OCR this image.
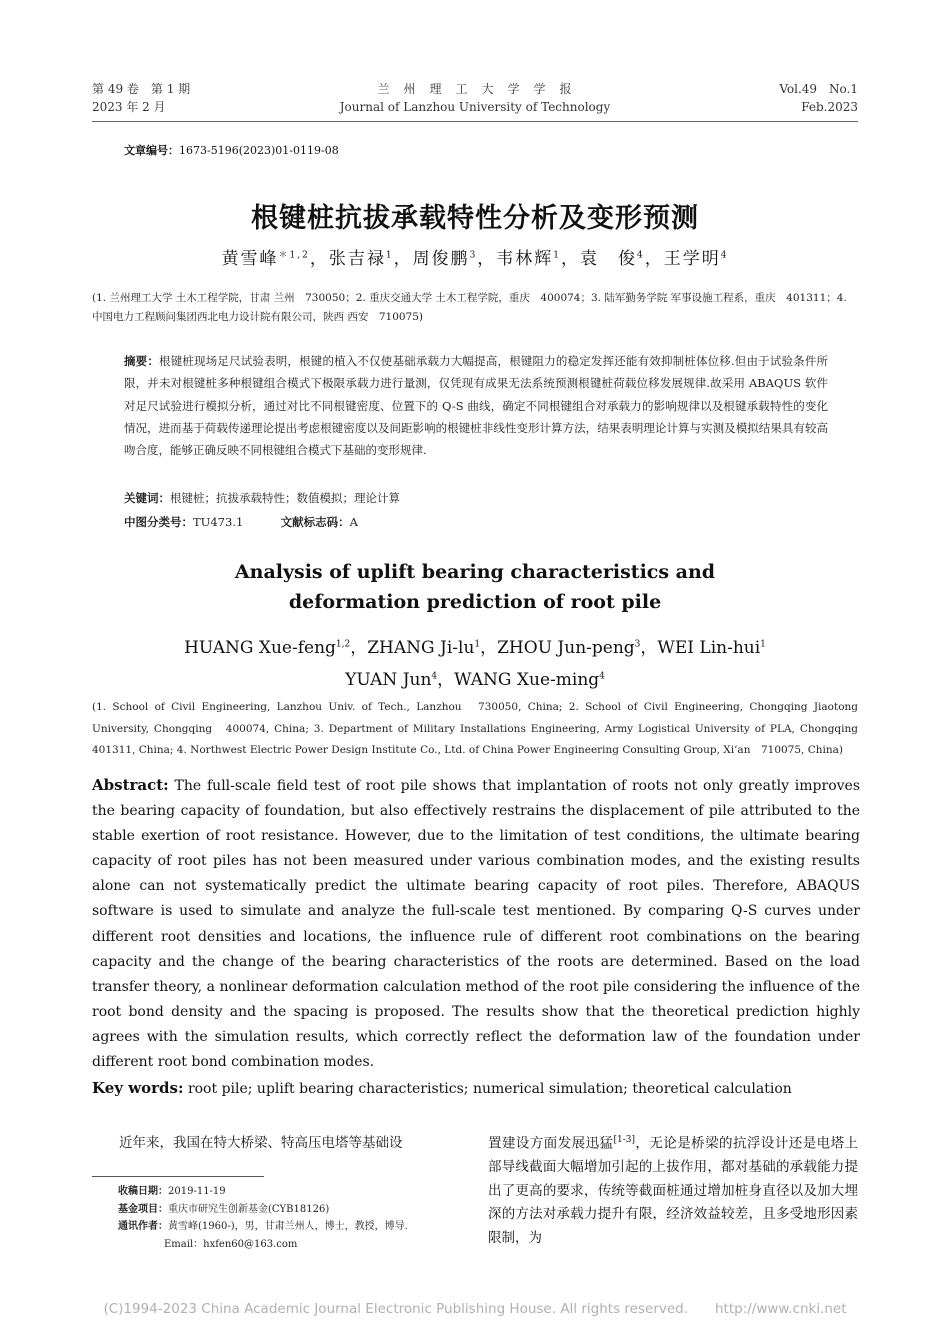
第 49 卷　第 1 期
2023 年 2 月
兰　州　理　工　大　学　学　报
Journal of Lanzhou University of Technology
Vol.49　No.1
Feb.2023
文章编号：1673-5196(2023)01-0119-08
根键桩抗拔承载特性分析及变形预测
黄雪峰$^{*1,2}$，张吉禄$^1$，周俊鹏$^3$，韦林辉$^1$，袁　俊$^4$，王学明$^4$
(1. 兰州理工大学 土木工程学院，甘肃 兰州　730050；2. 重庆交通大学 土木工程学院，重庆　400074；3. 陆军勤务学院 军事设施工程系，重庆　401311；4. 中国电力工程顾问集团西北电力设计院有限公司，陕西 西安　710075)
摘要：根键桩现场足尺试验表明，根键的植入不仅使基础承载力大幅提高，根键阻力的稳定发挥还能有效抑制桩体位移.但由于试验条件所限，并未对根键桩多种根键组合模式下极限承载力进行量测，仅凭现有成果无法系统预测根键桩荷载位移发展规律.故采用 ABAQUS 软件对足尺试验进行模拟分析，通过对比不同根键密度、位置下的 Q-S 曲线，确定不同根键组合对承载力的影响规律以及根键承载特性的变化情况，进而基于荷载传递理论提出考虑根键密度以及间距影响的根键桩非线性变形计算方法，结果表明理论计算与实测及模拟结果具有较高吻合度，能够正确反映不同根键组合模式下基础的变形规律.
关键词：根键桩；抗拔承载特性；数值模拟；理论计算
中图分类号：TU473.1	文献标志码：A
Analysis of uplift bearing characteristics and
deformation prediction of root pile
HUANG Xue-feng$^{1,2}$，ZHANG $Ji-lu^1$，ZHOU Jun-peng$^3$，WEI Lin-hui$^1$
YUAN Jun$^4$，WANG Xue-ming$^4$
(1. School of Civil Engineering, Lanzhou Univ. of Tech., Lanzhou　730050, China; 2. School of Civil Engineering, Chongqing Jiaotong University, Chongqing　400074, China; 3. Department of Military Installations Engineering, Army Logistical University of PLA, Chongqing 401311, China; 4. Northwest Electric Power Design Institute Co., Ltd. of China Power Engineering Consulting Group, Xi’an　710075, China)
Abstract: The full-scale field test of root pile shows that implantation of roots not only greatly improves the bearing capacity of foundation, but also effectively restrains the displacement of pile attributed to the stable exertion of root resistance. However, due to the limitation of test conditions, the ultimate bearing capacity of root piles has not been measured under various combination modes, and the existing results alone can not systematically predict the ultimate bearing capacity of root piles. Therefore, ABAQUS software is used to simulate and analyze the full-scale test mentioned. By comparing Q-S curves under different root densities and locations, the influence rule of different root combinations on the bearing capacity and the change of the bearing characteristics of the roots are determined. Based on the load transfer theory, a nonlinear deformation calculation method of the root pile considering the influence of the root bond density and the spacing is proposed. The results show that the theoretical prediction highly agrees with the simulation results, which correctly reflect the deformation law of the foundation under different root bond combination modes.
Key words: root pile; uplift bearing characteristics; numerical simulation; theoretical calculation
　　近年来，我国在特大桥梁、特高压电塔等基础设	置建设方面发展迅猛[1-3]，无论是桥梁的抗浮设计还是电塔上部导线截面大幅增加引起的上拔作用，都对基础的承载能力提出了更高的要求，传统等截面桩通过增加桩身直径以及加大埋深的方法对承载力提升有限，经济效益较差，且多受地形因素限制，为
收稿日期：2019-11-19
基金项目：重庆市研究生创新基金(CYB18126)
通讯作者：黄雪峰(1960-)，男，甘肃兰州人，博士，教授，博导.
Email：hxfen60@163.com
(C)1994-2023 China Academic Journal Electronic Publishing House. All rights reserved.　　http://www.cnki.net
